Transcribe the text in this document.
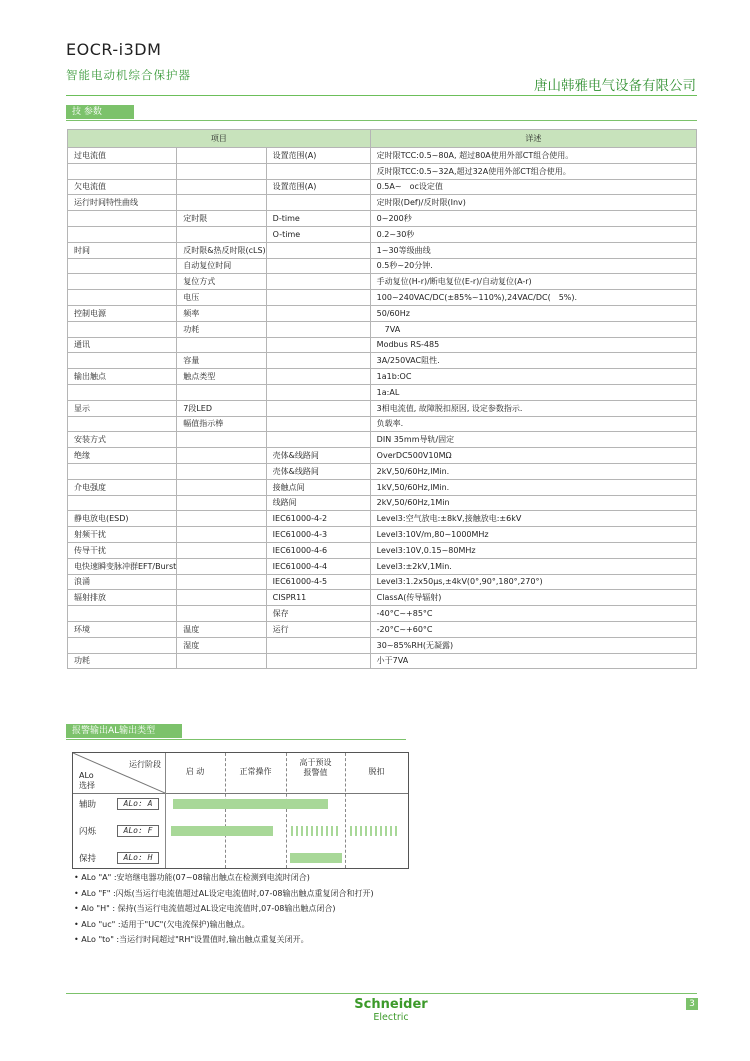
EOCR-i3DM
智能电动机综合保护器
唐山韩雅电气设备有限公司
技 参数
项目			详述
过电流值		设置范围(A)	定时限TCC:0.5~80A, 超过80A使用外部CT组合使用。
			反时限TCC:0.5~32A,超过32A使用外部CT组合使用。
欠电流值		设置范围(A)	0.5A~　oc设定值
运行时间特性曲线			定时限(Def)/反时限(Inv)
	定时限	D-time	0~200秒
		O-time	0.2~30秒
时间	反时限&热反时限(cLS)		1~30等级曲线
	自动复位时间		0.5秒~20分钟.
	复位方式		手动复位(H-r)/断电复位(E-r)/自动复位(A-r)
	电压		100~240VAC/DC(±85%~110%),24VAC/DC(　5%).
控制电源	频率		50/60Hz
	功耗		　7VA
通讯			Modbus RS-485
	容量		3A/250VAC阻性.
输出触点	触点类型		1a1b:OC
			1a:AL
显示	7段LED		3相电流值, 故障脱扣原因, 设定参数指示.
	幅值指示棒		负载率.
安装方式			DIN 35mm导轨/固定
绝缘		壳体&线路间	OverDC500V10MΩ
		壳体&线路间	2kV,50/60Hz,lMin.
介电强度		接触点间	1kV,50/60Hz,lMin.
		线路间	2kV,50/60Hz,1Min
静电放电(ESD)		IEC61000-4-2	Level3:空气放电:±8kV,接触放电:±6kV
射频干扰		IEC61000-4-3	Level3:10V/m,80~1000MHz
传导干扰		IEC61000-4-6	Level3:10V,0.15~80MHz
电快速瞬变脉冲群EFT/Burst		IEC61000-4-4	Level3:±2kV,1Min.
浪涌		IEC61000-4-5	Level3:1.2x50μs,±4kV(0°,90°,180°,270°)
辐射排放		CISPR11	ClassA(传导辐射)
		保存	-40°C~+85°C
环境	温度	运行	-20°C~+60°C
	湿度		30~85%RH(无凝露)
功耗			小于7VA
报警输出AL输出类型
运行阶段
ALo
选择
启 动	正常操作
高于预设
报警值	脱扣
辅助	ALo: A
闪烁	ALo: F
保持	ALo: H
• ALo "A" :安培继电器功能(07~08输出触点在检测到电流时闭合)
• ALo "F" :闪烁(当运行电流值超过AL设定电流值时,07-08输出触点重复闭合和打开)
• Alo "H" : 保持(当运行电流值超过AL设定电流值时,07-08输出触点闭合)
• ALo "uc" :适用于"UC"(欠电流保护)输出触点。
• ALo "to" :当运行时间超过"RH"设置值时,输出触点重复关闭开。
Schneider
Electric
3
